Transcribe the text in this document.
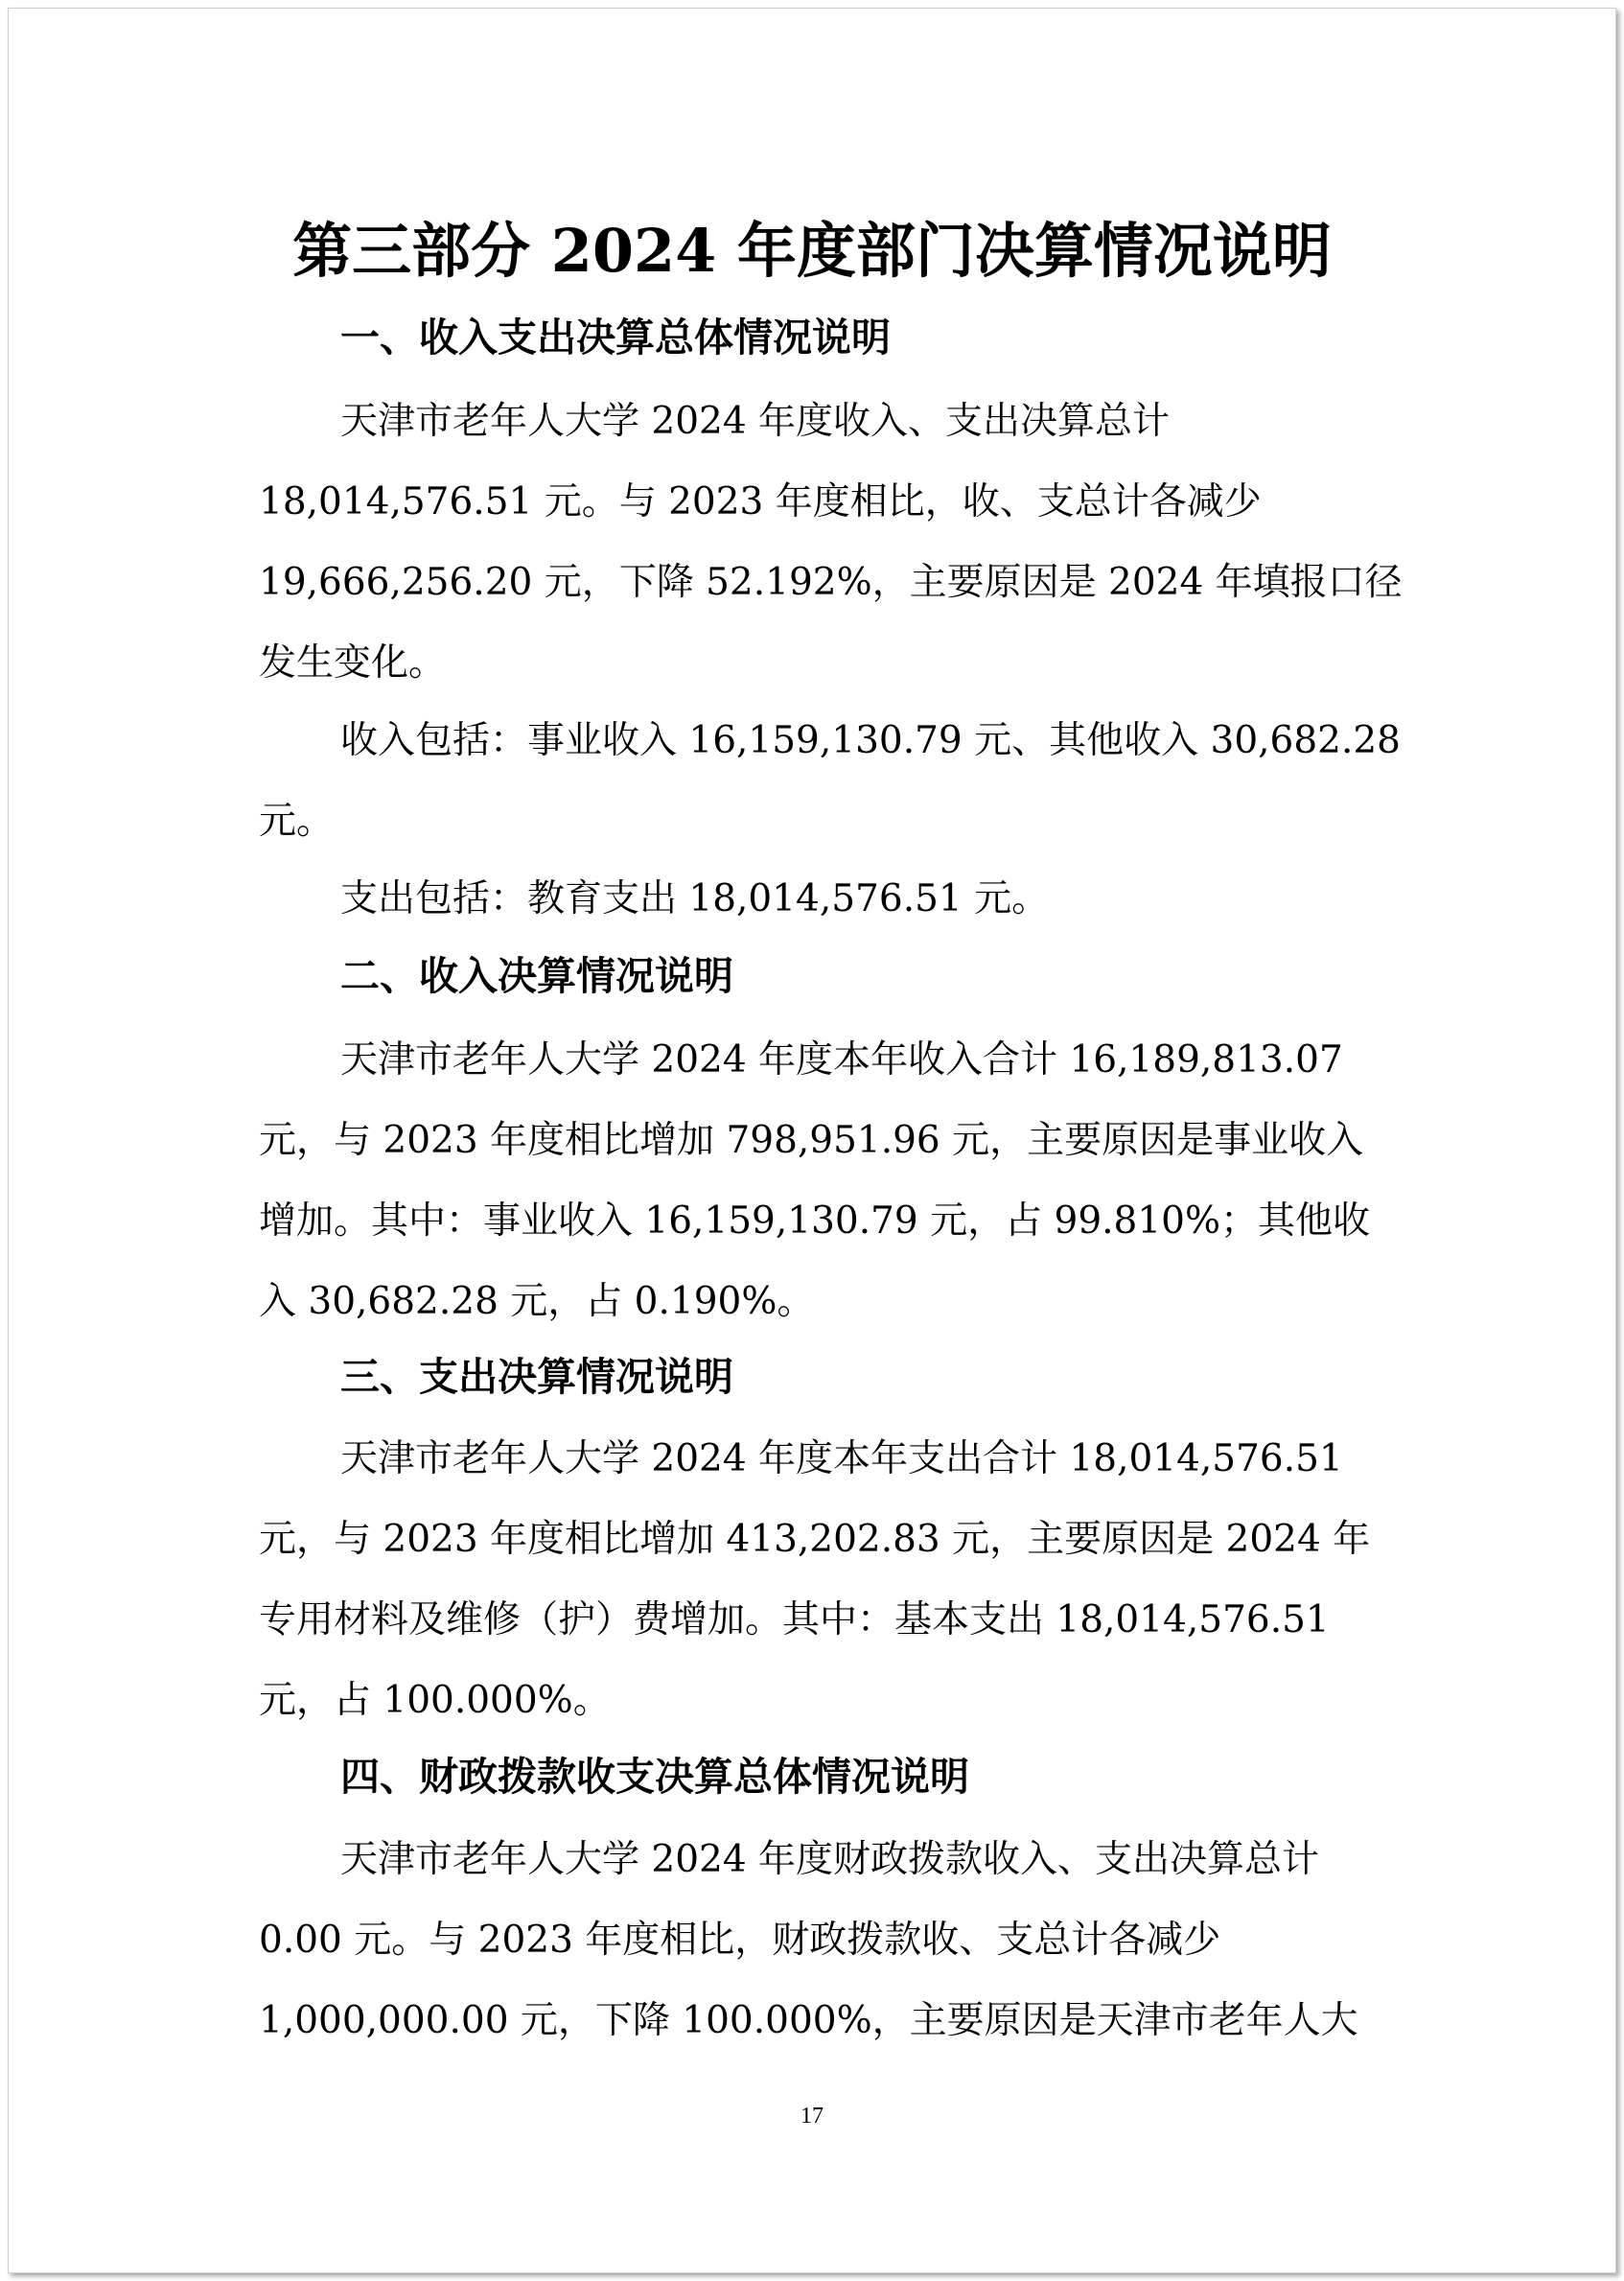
第三部分 2024 年度部门决算情况说明
一、收入支出决算总体情况说明
天津市老年人大学 2024 年度收入、支出决算总计
18,014,576.51 元。与 2023 年度相比，收、支总计各减少
19,666,256.20 元，下降 52.192%，主要原因是 2024 年填报口径
发生变化。
收入包括：事业收入 16,159,130.79 元、其他收入 30,682.28
元。
支出包括：教育支出 18,014,576.51 元。
二、收入决算情况说明
天津市老年人大学 2024 年度本年收入合计 16,189,813.07
元，与 2023 年度相比增加 798,951.96 元，主要原因是事业收入
增加。其中：事业收入 16,159,130.79 元，占 99.810%；其他收
入 30,682.28 元，占 0.190%。
三、支出决算情况说明
天津市老年人大学 2024 年度本年支出合计 18,014,576.51
元，与 2023 年度相比增加 413,202.83 元，主要原因是 2024 年
专用材料及维修（护）费增加。其中：基本支出 18,014,576.51
元，占 100.000%。
四、财政拨款收支决算总体情况说明
天津市老年人大学 2024 年度财政拨款收入、支出决算总计
0.00 元。与 2023 年度相比，财政拨款收、支总计各减少
1,000,000.00 元，下降 100.000%，主要原因是天津市老年人大
17
